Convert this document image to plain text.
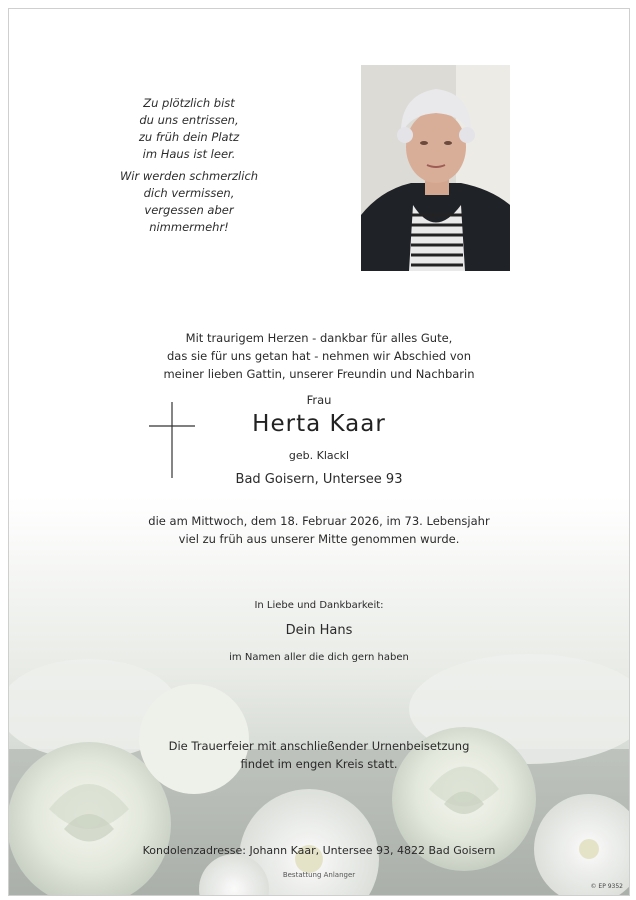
Zu plötzlich bist

du uns entrissen,

zu früh dein Platz

im Haus ist leer.

Wir werden schmerzlich

dich vermissen,

vergessen aber

nimmermehr!

Mit traurigem Herzen - dankbar für alles Gute,
das sie für uns getan hat - nehmen wir Abschied von
meiner lieben Gattin, unserer Freundin und Nachbarin
Frau
Herta Kaar
geb. Klackl
Bad Goisern, Untersee 93
die am Mittwoch, dem 18. Februar 2026, im 73. Lebensjahr
viel zu früh aus unserer Mitte genommen wurde.
In Liebe und Dankbarkeit:
Dein Hans
im Namen aller die dich gern haben
Die Trauerfeier mit anschließender Urnenbeisetzung
findet im engen Kreis statt.
Kondolenzadresse: Johann Kaar, Untersee 93, 4822 Bad Goisern
Bestattung Anlanger
© EP 9352
